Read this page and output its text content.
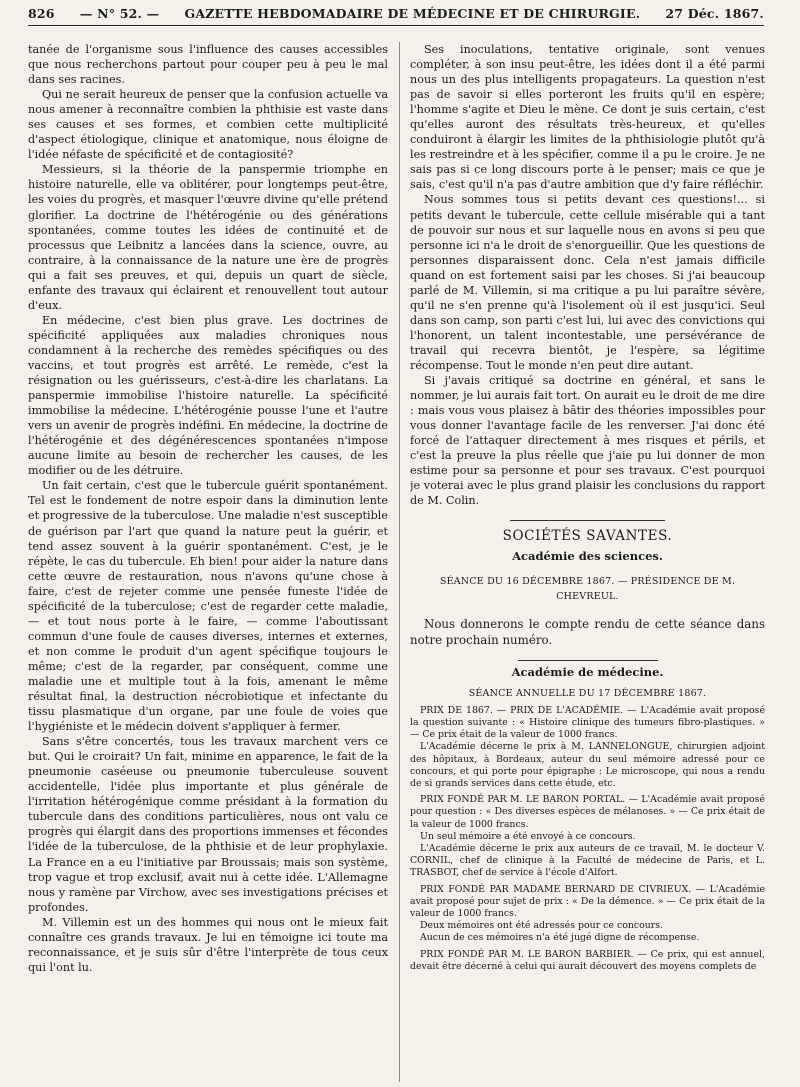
826 — N° 52. — GAZETTE HEBDOMADAIRE DE MÉDECINE ET DE CHIRURGIE. 27 Déc. 1867.

tanée de l'organisme sous l'influence des causes accessibles que nous recherchons partout pour couper peu à peu le mal dans ses racines.

Qui ne serait heureux de penser que la confusion actuelle va nous amener à reconnaître combien la phthisie est vaste dans ses causes et ses formes, et combien cette multiplicité d'aspect étiologique, clinique et anatomique, nous éloigne de l'idée néfaste de spécificité et de contagiosité?

Messieurs, si la théorie de la panspermie triomphe en histoire naturelle, elle va oblitérer, pour longtemps peut-être, les voies du progrès, et masquer l'œuvre divine qu'elle prétend glorifier. La doctrine de l'hétérogénie ou des générations spontanées, comme toutes les idées de continuité et de processus que Leibnitz a lancées dans la science, ouvre, au contraire, à la connaissance de la nature une ère de progrès qui a fait ses preuves, et qui, depuis un quart de siècle, enfante des travaux qui éclairent et renouvellent tout autour d'eux.

En médecine, c'est bien plus grave. Les doctrines de spécificité appliquées aux maladies chroniques nous condamnent à la recherche des remèdes spécifiques ou des vaccins, et tout progrès est arrêté. Le remède, c'est la résignation ou les guérisseurs, c'est-à-dire les charlatans. La panspermie immobilise l'histoire naturelle. La spécificité immobilise la médecine. L'hétérogénie pousse l'une et l'autre vers un avenir de progrès indéfini. En médecine, la doctrine de l'hétérogénie et des dégénérescences spontanées n'impose aucune limite au besoin de rechercher les causes, de les modifier ou de les détruire.

Un fait certain, c'est que le tubercule guérit spontanément. Tel est le fondement de notre espoir dans la diminution lente et progressive de la tuberculose. Une maladie n'est susceptible de guérison par l'art que quand la nature peut la guérir, et tend assez souvent à la guérir spontanément. C'est, je le répète, le cas du tubercule. Eh bien! pour aider la nature dans cette œuvre de restauration, nous n'avons qu'une chose à faire, c'est de rejeter comme une pensée funeste l'idée de spécificité de la tuberculose; c'est de regarder cette maladie, — et tout nous porte à le faire, — comme l'aboutissant commun d'une foule de causes diverses, internes et externes, et non comme le produit d'un agent spécifique toujours le même; c'est de la regarder, par conséquent, comme une maladie une et multiple tout à la fois, amenant le même résultat final, la destruction nécrobiotique et infectante du tissu plasmatique d'un organe, par une foule de voies que l'hygiéniste et le médecin doivent s'appliquer à fermer.

Sans s'être concertés, tous les travaux marchent vers ce but. Qui le croirait? Un fait, minime en apparence, le fait de la pneumonie caséeuse ou pneumonie tuberculeuse souvent accidentelle, l'idée plus importante et plus générale de l'irritation hétérogénique comme présidant à la formation du tubercule dans des conditions particulières, nous ont valu ce progrès qui élargit dans des proportions immenses et fécondes l'idée de la tuberculose, de la phthisie et de leur prophylaxie. La France en a eu l'initiative par Broussais; mais son système, trop vague et trop exclusif, avait nui à cette idée. L'Allemagne nous y ramène par Virchow, avec ses investigations précises et profondes.

M. Villemin est un des hommes qui nous ont le mieux fait connaître ces grands travaux. Je lui en témoigne ici toute ma reconnaissance, et je suis sûr d'être l'interprète de tous ceux qui l'ont lu.

Ses inoculations, tentative originale, sont venues compléter, à son insu peut-être, les idées dont il a été parmi nous un des plus intelligents propagateurs. La question n'est pas de savoir si elles porteront les fruits qu'il en espère; l'homme s'agite et Dieu le mène. Ce dont je suis certain, c'est qu'elles auront des résultats très-heureux, et qu'elles conduiront à élargir les limites de la phthisiologie plutôt qu'à les restreindre et à les spécifier, comme il a pu le croire. Je ne sais pas si ce long discours porte à le penser; mais ce que je sais, c'est qu'il n'a pas d'autre ambition que d'y faire réfléchir.

Nous sommes tous si petits devant ces questions!... si petits devant le tubercule, cette cellule misérable qui a tant de pouvoir sur nous et sur laquelle nous en avons si peu que personne ici n'a le droit de s'enorgueillir. Que les questions de personnes disparaissent donc. Cela n'est jamais difficile quand on est fortement saisi par les choses. Si j'ai beaucoup parlé de M. Villemin, si ma critique a pu lui paraître sévère, qu'il ne s'en prenne qu'à l'isolement où il est jusqu'ici. Seul dans son camp, son parti c'est lui, lui avec des convictions qui l'honorent, un talent incontestable, une persévérance de travail qui recevra bientôt, je l'espère, sa légitime récompense. Tout le monde n'en peut dire autant.

Si j'avais critiqué sa doctrine en général, et sans le nommer, je lui aurais fait tort. On aurait eu le droit de me dire : mais vous vous plaisez à bâtir des théories impossibles pour vous donner l'avantage facile de les renverser. J'ai donc été forcé de l'attaquer directement à mes risques et périls, et c'est la preuve la plus réelle que j'aie pu lui donner de mon estime pour sa personne et pour ses travaux. C'est pourquoi je voterai avec le plus grand plaisir les conclusions du rapport de M. Colin.

SOCIÉTÉS SAVANTES.
Académie des sciences.
SÉANCE DU 16 DÉCEMBRE 1867. — PRÉSIDENCE DE M. CHEVREUL.
Nous donnerons le compte rendu de cette séance dans notre prochain numéro.
Académie de médecine.
SÉANCE ANNUELLE DU 17 DÉCEMBRE 1867.

PRIX DE 1867. — PRIX DE L'ACADÉMIE. — L'Académie avait proposé la question suivante : « Histoire clinique des tumeurs fibro-plastiques. » — Ce prix était de la valeur de 1000 francs.

L'Académie décerne le prix à M. LANNELONGUE, chirurgien adjoint des hôpitaux, à Bordeaux, auteur du seul mémoire adressé pour ce concours, et qui porte pour épigraphe : Le microscope, qui nous a rendu de si grands services dans cette étude, etc.

PRIX FONDÉ PAR M. LE BARON PORTAL. — L'Académie avait proposé pour question : « Des diverses espèces de mélanoses. » — Ce prix était de la valeur de 1000 francs.

Un seul mémoire a été envoyé à ce concours.

L'Académie décerne le prix aux auteurs de ce travail, M. le docteur V. CORNIL, chef de clinique à la Faculté de médecine de Paris, et L. TRASBOT, chef de service à l'école d'Alfort.

PRIX FONDÉ PAR MADAME BERNARD DE CIVRIEUX. — L'Académie avait proposé pour sujet de prix : « De la démence. » — Ce prix était de la valeur de 1000 francs.

Deux mémoires ont été adressés pour ce concours.

Aucun de ces mémoires n'a été jugé digne de récompense.

PRIX FONDÉ PAR M. LE BARON BARBIER. — Ce prix, qui est annuel, devait être décerné à celui qui aurait découvert des moyens complets de
